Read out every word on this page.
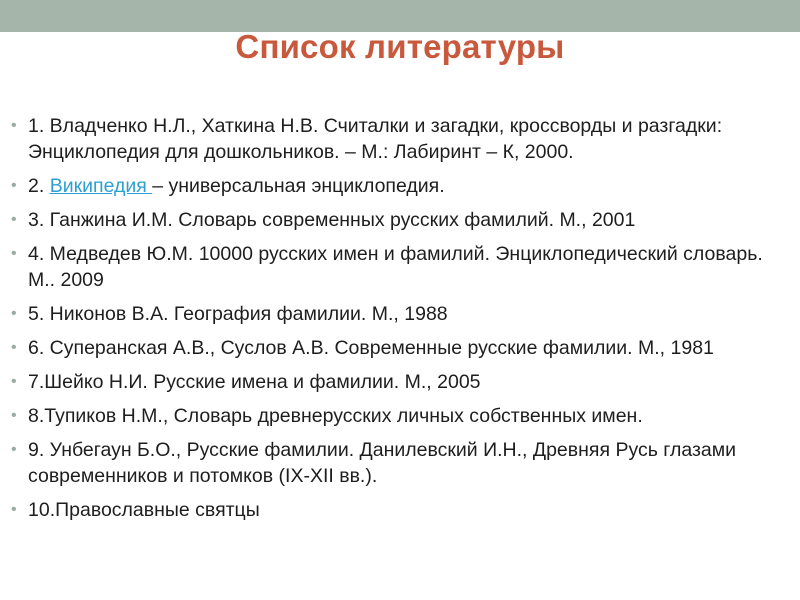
Список литературы
• 1. Владченко Н.Л., Хаткина Н.В. Считалки и загадки, кроссворды и разгадки: Энциклопедия для дошкольников. – М.: Лабиринт – К, 2000.
• 2. Википедия – универсальная энциклопедия.
• 3. Ганжина И.М. Словарь современных русских фамилий. М., 2001
• 4. Медведев Ю.М. 10000 русских имен и фамилий. Энциклопедический словарь. М.. 2009
• 5. Никонов В.А. География фамилии. М., 1988
• 6. Суперанская А.В., Суслов А.В. Современные русские фамилии. М., 1981
• 7.Шейко Н.И. Русские имена и фамилии. М., 2005
• 8.Тупиков Н.М., Словарь древнерусских личных собственных имен.
• 9. Унбегаун Б.О., Русские фамилии. Данилевский И.Н., Древняя Русь глазами современников и потомков (IX-XII вв.).
• 10.Православные святцы
